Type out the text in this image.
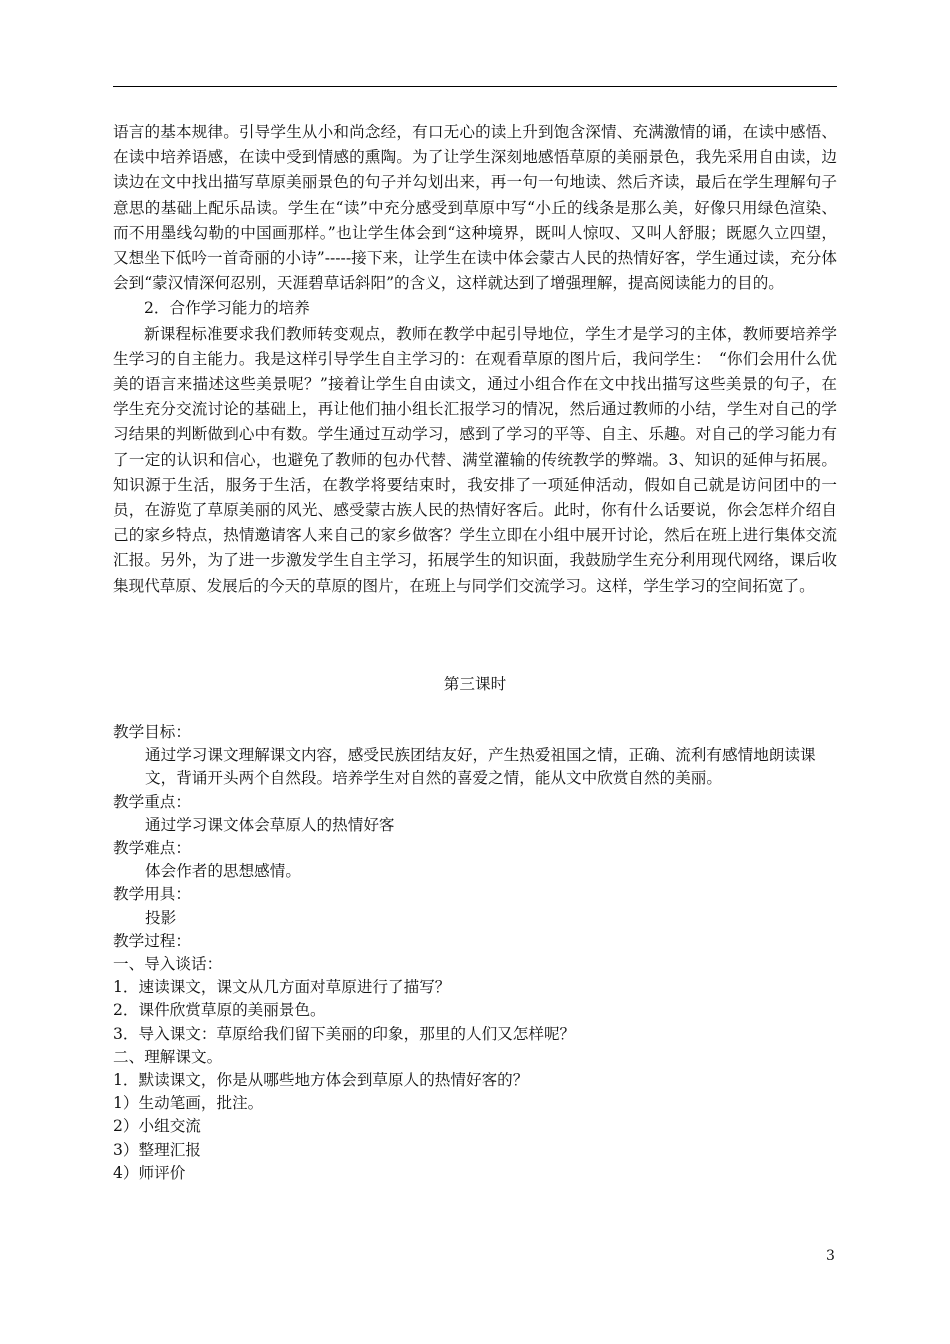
语言的基本规律。引导学生从小和尚念经，有口无心的读上升到饱含深情、充满激情的诵，在读中感悟、在读中培养语感，在读中受到情感的熏陶。为了让学生深刻地感悟草原的美丽景色，我先采用自由读，边读边在文中找出描写草原美丽景色的句子并勾划出来，再一句一句地读、然后齐读，最后在学生理解句子意思的基础上配乐品读。学生在“读”中充分感受到草原中写“小丘的线条是那么美，好像只用绿色渲染、而不用墨线勾勒的中国画那样。”也让学生体会到“这种境界，既叫人惊叹、又叫人舒服；既愿久立四望，又想坐下低吟一首奇丽的小诗”-----接下来，让学生在读中体会蒙古人民的热情好客，学生通过读，充分体会到“蒙汉情深何忍别，天涯碧草话斜阳”的含义，这样就达到了增强理解，提高阅读能力的目的。

2．合作学习能力的培养

新课程标准要求我们教师转变观点，教师在教学中起引导地位，学生才是学习的主体，教师要培养学生学习的自主能力。我是这样引导学生自主学习的：在观看草原的图片后，我问学生：　“你们会用什么优美的语言来描述这些美景呢？”接着让学生自由读文，通过小组合作在文中找出描写这些美景的句子，在学生充分交流讨论的基础上，再让他们抽小组长汇报学习的情况，然后通过教师的小结，学生对自己的学习结果的判断做到心中有数。学生通过互动学习，感到了学习的平等、自主、乐趣。对自己的学习能力有了一定的认识和信心，也避免了教师的包办代替、满堂灌输的传统教学的弊端。3、知识的延伸与拓展。知识源于生活，服务于生活，在教学将要结束时，我安排了一项延伸活动，假如自己就是访问团中的一员，在游览了草原美丽的风光、感受蒙古族人民的热情好客后。此时，你有什么话要说，你会怎样介绍自己的家乡特点，热情邀请客人来自己的家乡做客？学生立即在小组中展开讨论，然后在班上进行集体交流汇报。另外，为了进一步激发学生自主学习，拓展学生的知识面，我鼓励学生充分利用现代网络，课后收集现代草原、发展后的今天的草原的图片，在班上与同学们交流学习。这样，学生学习的空间拓宽了。

第三课时

教学目标：

通过学习课文理解课文内容，感受民族团结友好，产生热爱祖国之情，正确、流利有感情地朗读课文，背诵开头两个自然段。培养学生对自然的喜爱之情，能从文中欣赏自然的美丽。

教学重点：

通过学习课文体会草原人的热情好客

教学难点：

体会作者的思想感情。

教学用具：

投影

教学过程：

一、导入谈话：

1．速读课文，课文从几方面对草原进行了描写？

2．课件欣赏草原的美丽景色。

3．导入课文：草原给我们留下美丽的印象，那里的人们又怎样呢？

二、理解课文。

1．默读课文，你是从哪些地方体会到草原人的热情好客的？

1）生动笔画，批注。

2）小组交流

3）整理汇报

4）师评价

3
